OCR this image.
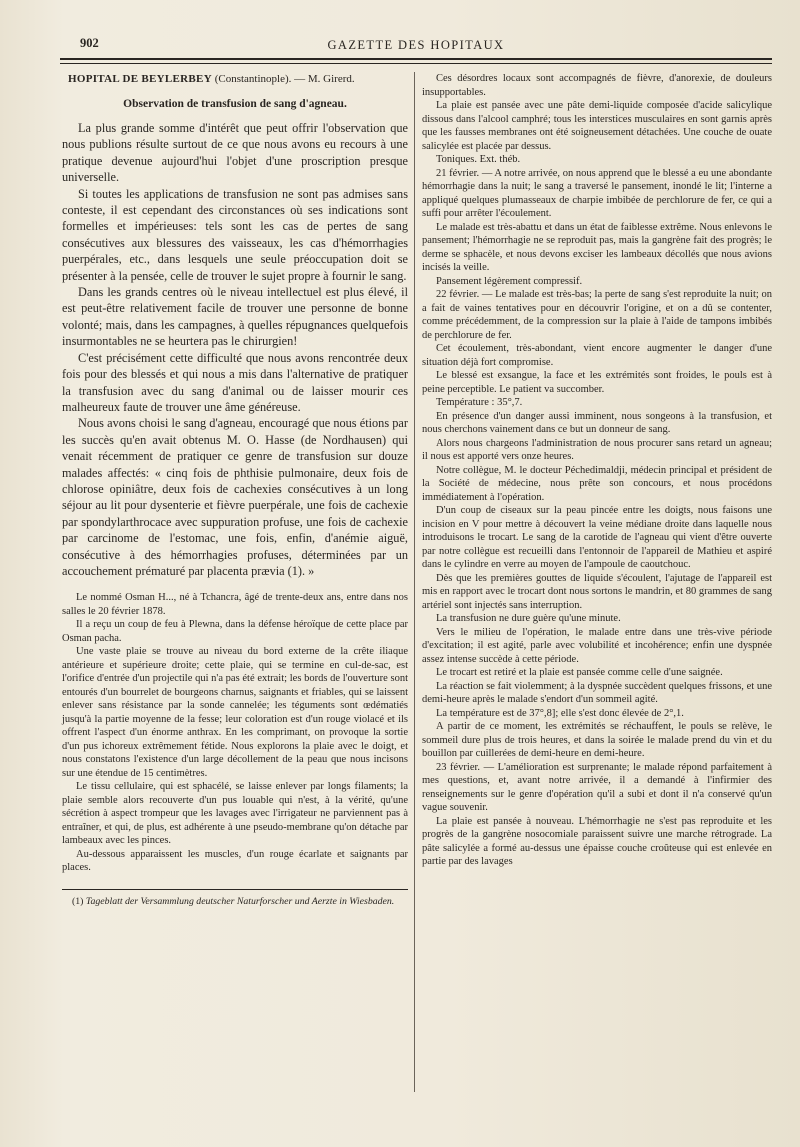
902	GAZETTE DES HOPITAUX

HOPITAL DE BEYLERBEY (Constantinople). — M. Girerd.

Observation de transfusion de sang d'agneau.

La plus grande somme d'intérêt que peut offrir l'observation que nous publions résulte surtout de ce que nous avons eu recours à une pratique devenue aujourd'hui l'objet d'une proscription presque universelle.

Si toutes les applications de transfusion ne sont pas admises sans conteste, il est cependant des circonstances où ses indications sont formelles et impérieuses: tels sont les cas de pertes de sang consécutives aux blessures des vaisseaux, les cas d'hémorrhagies puerpérales, etc., dans lesquels une seule préoccupation doit se présenter à la pensée, celle de trouver le sujet propre à fournir le sang.

Dans les grands centres où le niveau intellectuel est plus élevé, il est peut-être relativement facile de trouver une personne de bonne volonté; mais, dans les campagnes, à quelles répugnances quelquefois insurmontables ne se heurtera pas le chirurgien!

C'est précisément cette difficulté que nous avons rencontrée deux fois pour des blessés et qui nous a mis dans l'alternative de pratiquer la transfusion avec du sang d'animal ou de laisser mourir ces malheureux faute de trouver une âme généreuse.

Nous avons choisi le sang d'agneau, encouragé que nous étions par les succès qu'en avait obtenus M. O. Hasse (de Nordhausen) qui venait récemment de pratiquer ce genre de transfusion sur douze malades affectés: « cinq fois de phthisie pulmonaire, deux fois de chlorose opiniâtre, deux fois de cachexies consécutives à un long séjour au lit pour dysenterie et fièvre puerpérale, une fois de cachexie par spondylarthrocace avec suppuration profuse, une fois de cachexie par carcinome de l'estomac, une fois, enfin, d'anémie aiguë, consécutive à des hémorrhagies profuses, déterminées par un accouchement prématuré par placenta prævia (1). »

Le nommé Osman H..., né à Tchancra, âgé de trente-deux ans, entre dans nos salles le 20 février 1878.

Il a reçu un coup de feu à Plewna, dans la défense héroïque de cette place par Osman pacha.

Une vaste plaie se trouve au niveau du bord externe de la crête iliaque antérieure et supérieure droite; cette plaie, qui se termine en cul-de-sac, est l'orifice d'entrée d'un projectile qui n'a pas été extrait; les bords de l'ouverture sont entourés d'un bourrelet de bourgeons charnus, saignants et friables, qui se laissent enlever sans résistance par la sonde cannelée; les téguments sont œdématiés jusqu'à la partie moyenne de la fesse; leur coloration est d'un rouge violacé et ils offrent l'aspect d'un énorme anthrax. En les comprimant, on provoque la sortie d'un pus ichoreux extrêmement fétide. Nous explorons la plaie avec le doigt, et nous constatons l'existence d'un large décollement de la peau que nous incisons sur une étendue de 15 centimètres.

Le tissu cellulaire, qui est sphacélé, se laisse enlever par longs filaments; la plaie semble alors recouverte d'un pus louable qui n'est, à la vérité, qu'une sécrétion à aspect trompeur que les lavages avec l'irrigateur ne parviennent pas à entraîner, et qui, de plus, est adhérente à une pseudo-membrane qu'on détache par lambeaux avec les pinces.

Au-dessous apparaissent les muscles, d'un rouge écarlate et saignants par places.

(1) Tageblatt der Versammlung deutscher Naturforscher und Aerzte in Wiesbaden.

Ces désordres locaux sont accompagnés de fièvre, d'anorexie, de douleurs insupportables.

La plaie est pansée avec une pâte demi-liquide composée d'acide salicylique dissous dans l'alcool camphré; tous les interstices musculaires en sont garnis après que les fausses membranes ont été soigneusement détachées. Une couche de ouate salicylée est placée par dessus.

Toniques. Ext. théb.

21 février. — A notre arrivée, on nous apprend que le blessé a eu une abondante hémorrhagie dans la nuit; le sang a traversé le pansement, inondé le lit; l'interne a appliqué quelques plumasseaux de charpie imbibée de perchlorure de fer, ce qui a suffi pour arrêter l'écoulement.

Le malade est très-abattu et dans un état de faiblesse extrême. Nous enlevons le pansement; l'hémorrhagie ne se reproduit pas, mais la gangrène fait des progrès; le derme se sphacèle, et nous devons exciser les lambeaux décollés que nous avions incisés la veille.

Pansement légèrement compressif.

22 février. — Le malade est très-bas; la perte de sang s'est reproduite la nuit; on a fait de vaines tentatives pour en découvrir l'origine, et on a dû se contenter, comme précédemment, de la compression sur la plaie à l'aide de tampons imbibés de perchlorure de fer.

Cet écoulement, très-abondant, vient encore augmenter le danger d'une situation déjà fort compromise.

Le blessé est exsangue, la face et les extrémités sont froides, le pouls est à peine perceptible. Le patient va succomber.

Température : 35°,7.

En présence d'un danger aussi imminent, nous songeons à la transfusion, et nous cherchons vainement dans ce but un donneur de sang.

Alors nous chargeons l'administration de nous procurer sans retard un agneau; il nous est apporté vers onze heures.

Notre collègue, M. le docteur Péchedimaldji, médecin principal et président de la Société de médecine, nous prête son concours, et nous procédons immédiatement à l'opération.

D'un coup de ciseaux sur la peau pincée entre les doigts, nous faisons une incision en V pour mettre à découvert la veine médiane droite dans laquelle nous introduisons le trocart. Le sang de la carotide de l'agneau qui vient d'être ouverte par notre collègue est recueilli dans l'entonnoir de l'appareil de Mathieu et aspiré dans le cylindre en verre au moyen de l'ampoule de caoutchouc.

Dès que les premières gouttes de liquide s'écoulent, l'ajutage de l'appareil est mis en rapport avec le trocart dont nous sortons le mandrin, et 80 grammes de sang artériel sont injectés sans interruption.

La transfusion ne dure guère qu'une minute.

Vers le milieu de l'opération, le malade entre dans une très-vive période d'excitation; il est agité, parle avec volubilité et incohérence; enfin une dyspnée assez intense succède à cette période.

Le trocart est retiré et la plaie est pansée comme celle d'une saignée.

La réaction se fait violemment; à la dyspnée succèdent quelques frissons, et une demi-heure après le malade s'endort d'un sommeil agité.

La température est de 37°,8]; elle s'est donc élevée de 2°,1.

A partir de ce moment, les extrémités se réchauffent, le pouls se relève, le sommeil dure plus de trois heures, et dans la soirée le malade prend du vin et du bouillon par cuillerées de demi-heure en demi-heure.

23 février. — L'amélioration est surprenante; le malade répond parfaitement à mes questions, et, avant notre arrivée, il a demandé à l'infirmier des renseignements sur le genre d'opération qu'il a subi et dont il n'a conservé qu'un vague souvenir.

La plaie est pansée à nouveau. L'hémorrhagie ne s'est pas reproduite et les progrès de la gangrène nosocomiale paraissent suivre une marche rétrograde. La pâte salicylée a formé au-dessus une épaisse couche croûteuse qui est enlevée en partie par des lavages
